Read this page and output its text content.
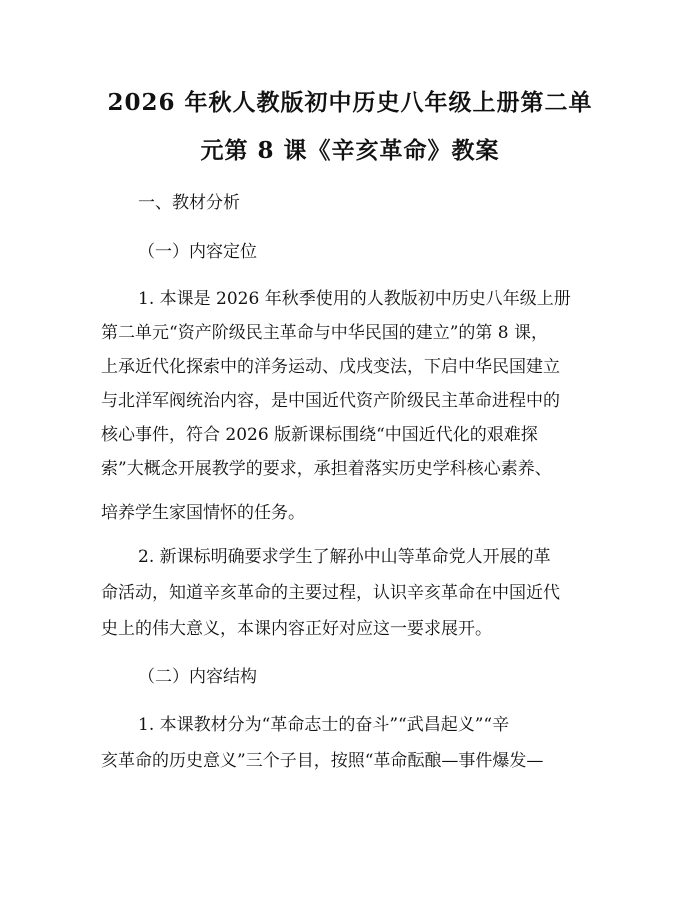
2026 年秋人教版初中历史八年级上册第二单
元第 8 课《辛亥革命》教案

一、教材分析

（一）内容定位

1. 本课是 2026 年秋季使用的人教版初中历史八年级上册

第二单元“资产阶级民主革命与中华民国的建立”的第 8 课，

上承近代化探索中的洋务运动、戊戌变法，下启中华民国建立

与北洋军阀统治内容，是中国近代资产阶级民主革命进程中的

核心事件，符合 2026 版新课标围绕“中国近代化的艰难探

索”大概念开展教学的要求，承担着落实历史学科核心素养、

培养学生家国情怀的任务。

2. 新课标明确要求学生了解孙中山等革命党人开展的革

命活动，知道辛亥革命的主要过程，认识辛亥革命在中国近代

史上的伟大意义，本课内容正好对应这一要求展开。

（二）内容结构

1. 本课教材分为“革命志士的奋斗”“武昌起义”“辛

亥革命的历史意义”三个子目，按照“革命酝酿—事件爆发—
